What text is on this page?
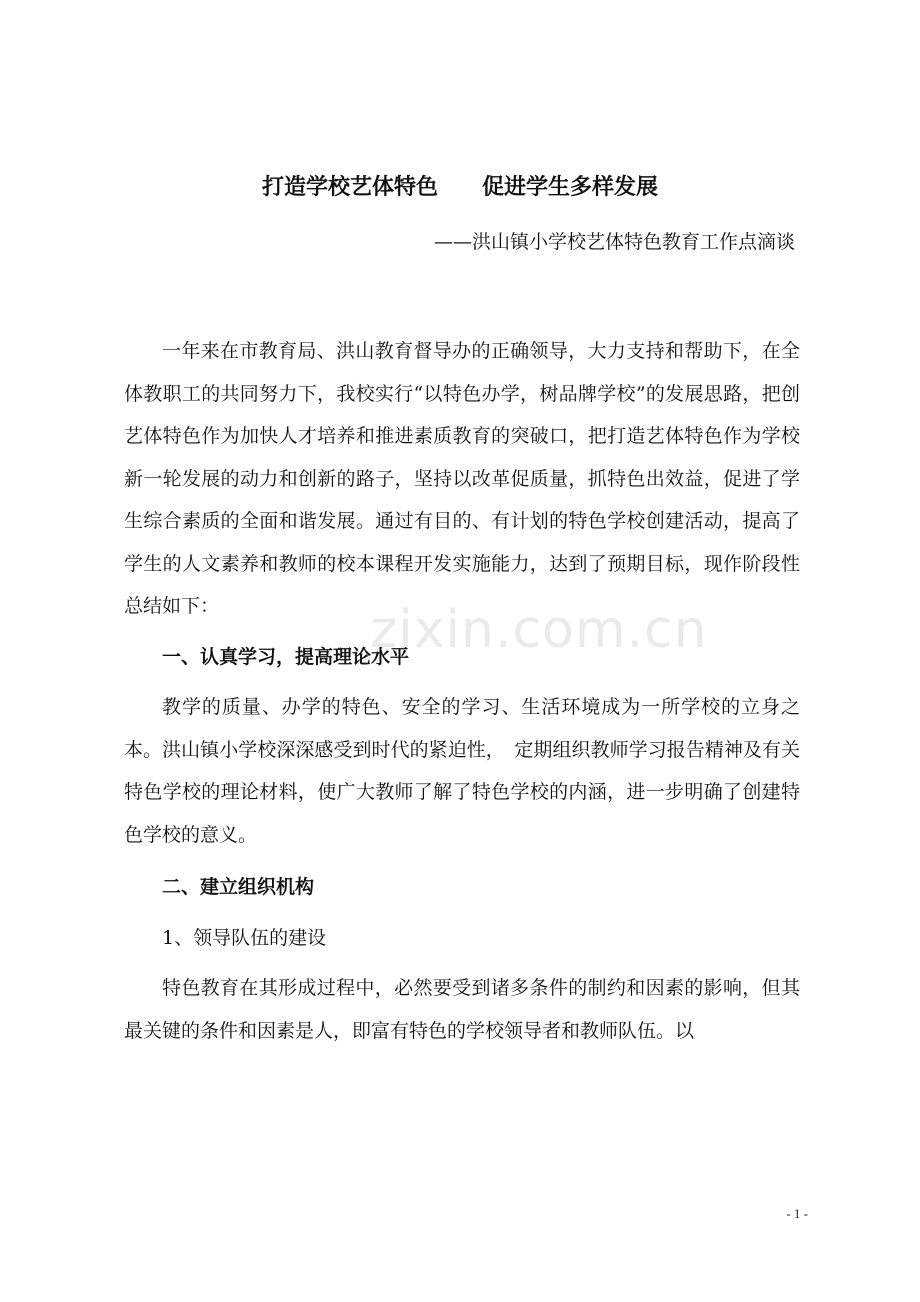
打造学校艺体特色　　促进学生多样发展
——洪山镇小学校艺体特色教育工作点滴谈

一年来在市教育局、洪山教育督导办的正确领导，大力支持和帮助下，在全体教职工的共同努力下，我校实行“以特色办学，树品牌学校”的发展思路，把创艺体特色作为加快人才培养和推进素质教育的突破口，把打造艺体特色作为学校新一轮发展的动力和创新的路子，坚持以改革促质量，抓特色出效益，促进了学生综合素质的全面和谐发展。通过有目的、有计划的特色学校创建活动，提高了学生的人文素养和教师的校本课程开发实施能力，达到了预期目标，现作阶段性总结如下：

一、认真学习，提高理论水平

教学的质量、办学的特色、安全的学习、生活环境成为一所学校的立身之本。洪山镇小学校深深感受到时代的紧迫性，　定期组织教师学习报告精神及有关特色学校的理论材料，使广大教师了解了特色学校的内涵，进一步明确了创建特色学校的意义。

二、建立组织机构

1、领导队伍的建设

特色教育在其形成过程中，必然要受到诸多条件的制约和因素的影响，但其最关键的条件和因素是人，即富有特色的学校领导者和教师队伍。以

zixin.com.cn
- 1 -
